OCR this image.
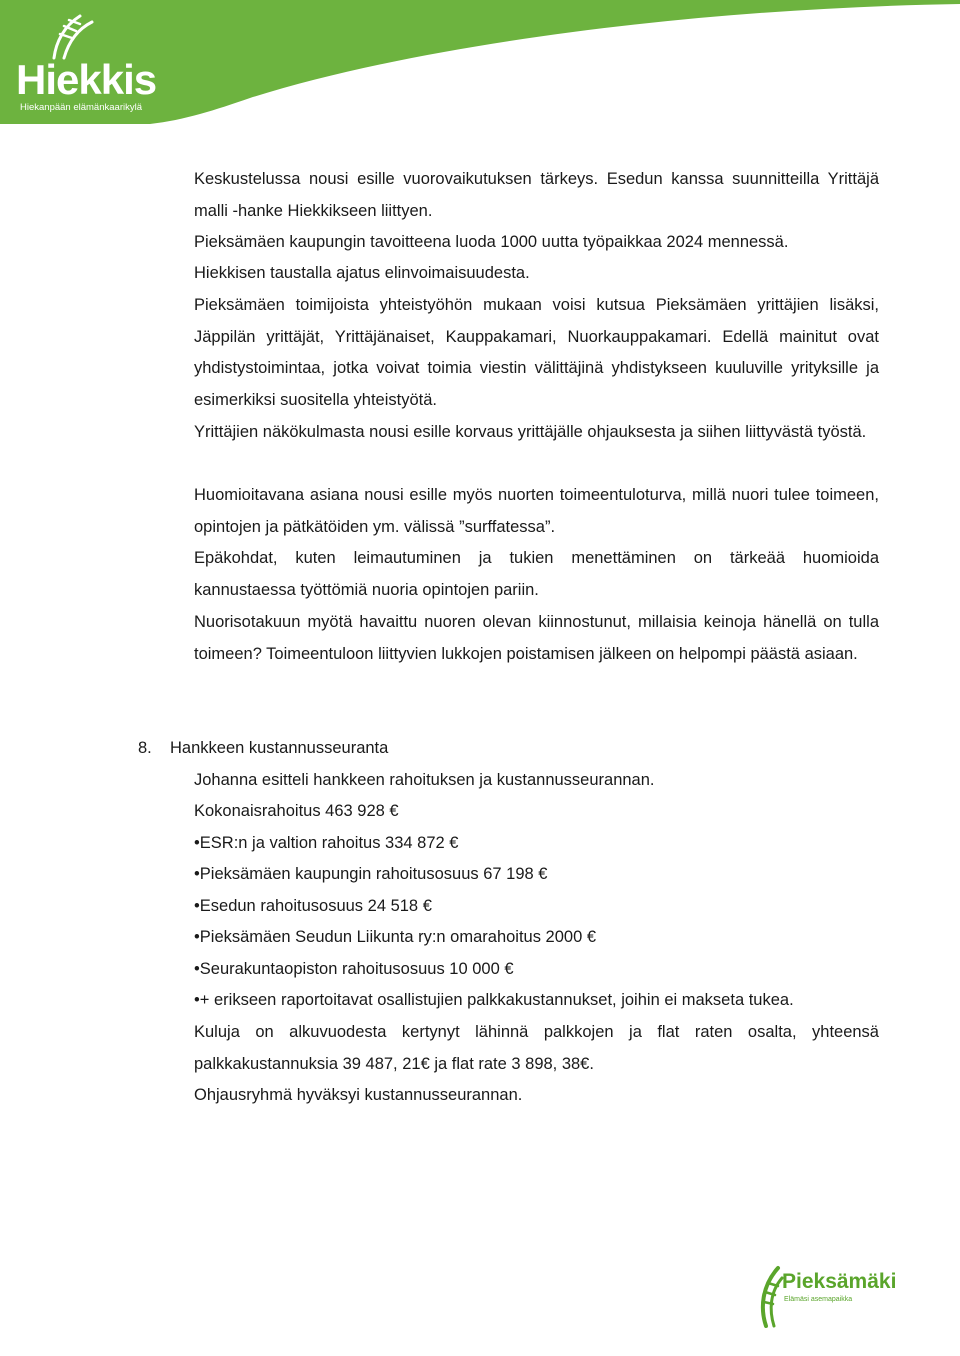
Hiekkis
Hiekanpään elämänkaarikylä

Keskustelussa nousi esille vuorovaikutuksen tärkeys. Esedun kanssa suunnitteilla Yrittäjä malli -hanke Hiekkikseen liittyen.

Pieksämäen kaupungin tavoitteena luoda 1000 uutta työpaikkaa 2024 mennessä.

Hiekkisen taustalla ajatus elinvoimaisuudesta.

Pieksämäen toimijoista yhteistyöhön mukaan voisi kutsua Pieksämäen yrittäjien lisäksi, Jäppilän yrittäjät, Yrittäjänaiset, Kauppakamari, Nuorkauppakamari. Edellä mainitut ovat yhdistystoimintaa, jotka voivat toimia viestin välittäjinä yhdistykseen kuuluville yrityksille ja esimerkiksi suositella yhteistyötä.

Yrittäjien näkökulmasta nousi esille korvaus yrittäjälle ohjauksesta ja siihen liittyvästä työstä.

Huomioitavana asiana nousi esille myös nuorten toimeentuloturva, millä nuori tulee toimeen, opintojen ja pätkätöiden ym. välissä ”surffatessa”.

Epäkohdat, kuten leimautuminen ja tukien menettäminen on tärkeää huomioida kannustaessa työttömiä nuoria opintojen pariin.

Nuorisotakuun myötä havaittu nuoren olevan kiinnostunut, millaisia keinoja hänellä on tulla toimeen? Toimeentuloon liittyvien lukkojen poistamisen jälkeen on helpompi päästä asiaan.

8. Hankkeen kustannusseuranta

Johanna esitteli hankkeen rahoituksen ja kustannusseurannan.

Kokonaisrahoitus 463 928 €

•ESR:n ja valtion rahoitus 334 872 €

•Pieksämäen kaupungin rahoitusosuus 67 198 €

•Esedun rahoitusosuus 24 518 €

•Pieksämäen Seudun Liikunta ry:n omarahoitus 2000 €

•Seurakuntaopiston rahoitusosuus 10 000 €

•+ erikseen raportoitavat osallistujien palkkakustannukset, joihin ei makseta tukea.

Kuluja on alkuvuodesta kertynyt lähinnä palkkojen ja flat raten osalta, yhteensä palkkakustannuksia 39 487, 21€ ja flat rate 3 898, 38€.

Ohjausryhmä hyväksyi kustannusseurannan.

Pieksämäki
Elämäsi asemapaikka
